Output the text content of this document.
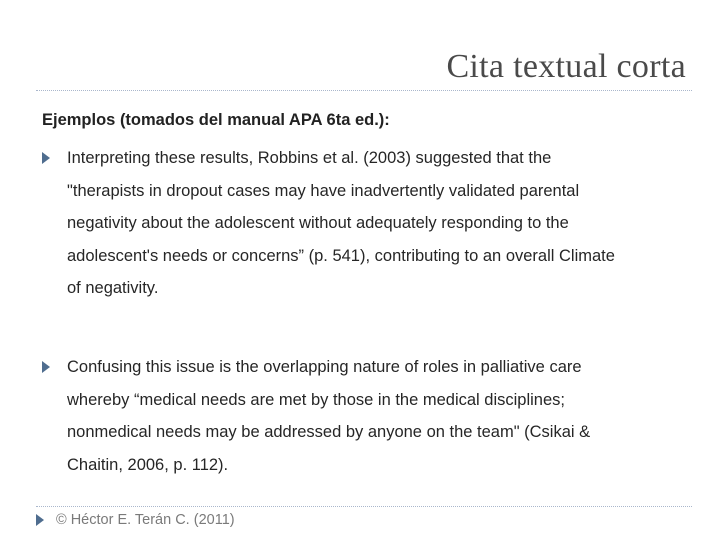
Cita textual corta
Ejemplos (tomados del manual APA 6ta ed.):
Interpreting these results, Robbins et al. (2003) suggested that the
"therapists in dropout cases may have inadvertently validated parental
negativity about the adolescent without adequately responding to the
adolescent's needs or concerns” (p. 541), contributing to an overall Climate
of negativity.
Confusing this issue is the overlapping nature of roles in palliative care
whereby “medical needs are met by those in the medical disciplines;
nonmedical needs may be addressed by anyone on the team" (Csikai &
Chaitin, 2006, p. 112).
© Héctor E. Terán C. (2011)
